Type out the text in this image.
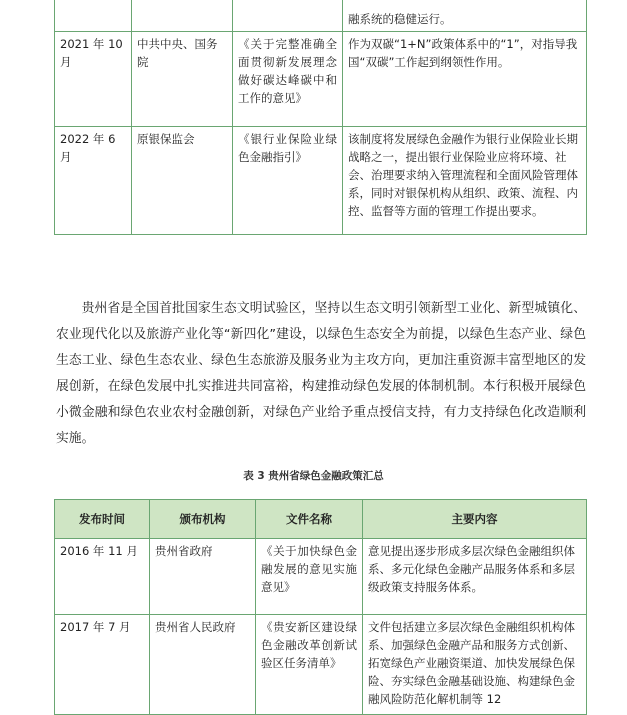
			融系统的稳健运行。
2021 年 10 月	中共中央、国务院	《关于完整准确全面贯彻新发展理念做好碳达峰碳中和工作的意见》	作为双碳“1+N”政策体系中的“1”，对指导我国“双碳”工作起到纲领性作用。
2022 年 6 月	原银保监会	《银行业保险业绿色金融指引》	该制度将发展绿色金融作为银行业保险业长期战略之一，提出银行业保险业应将环境、社会、治理要求纳入管理流程和全面风险管理体系，同时对银保机构从组织、政策、流程、内控、监督等方面的管理工作提出要求。

贵州省是全国首批国家生态文明试验区，坚持以生态文明引领新型工业化、新型城镇化、农业现代化以及旅游产业化等“新四化”建设，以绿色生态安全为前提，以绿色生态产业、绿色生态工业、绿色生态农业、绿色生态旅游及服务业为主攻方向，更加注重资源丰富型地区的发展创新，在绿色发展中扎实推进共同富裕，构建推动绿色发展的体制机制。本行积极开展绿色小微金融和绿色农业农村金融创新，对绿色产业给予重点授信支持，有力支持绿色化改造顺利实施。

表 3 贵州省绿色金融政策汇总
发布时间	颁布机构	文件名称	主要内容
2016 年 11 月	贵州省政府	《关于加快绿色金融发展的意见实施意见》	意见提出逐步形成多层次绿色金融组织体系、多元化绿色金融产品服务体系和多层级政策支持服务体系。
2017 年 7 月	贵州省人民政府	《贵安新区建设绿色金融改革创新试验区任务清单》	文件包括建立多层次绿色金融组织机构体系、加强绿色金融产品和服务方式创新、拓宽绿色产业融资渠道、加快发展绿色保险、夯实绿色金融基础设施、构建绿色金融风险防范化解机制等 12
